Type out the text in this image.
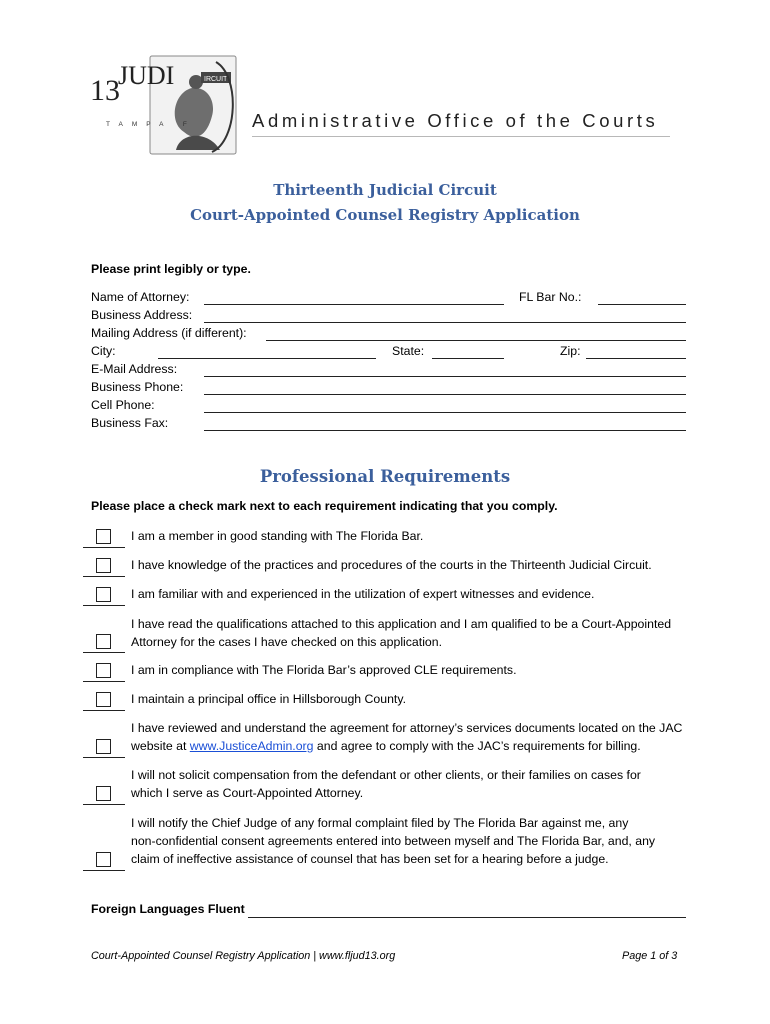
13
JUDI	IRCUIT
TAMPA F	Administrative Office of the Courts
Thirteenth Judicial Circuit
Court-Appointed Counsel Registry Application
Please print legibly or type.
Name of Attorney:	FL Bar No.:
Business Address:
Mailing Address (if different):
City:	State:	Zip:
E-Mail Address:
Business Phone:
Cell Phone:
Business Fax:
Professional Requirements
Please place a check mark next to each requirement indicating that you comply.
I am a member in good standing with The Florida Bar.
I have knowledge of the practices and procedures of the courts in the Thirteenth Judicial Circuit.
I am familiar with and experienced in the utilization of expert witnesses and evidence.
I have read the qualifications attached to this application and I am qualified to be a Court-Appointed
Attorney for the cases I have checked on this application.
I am in compliance with The Florida Bar’s approved CLE requirements.
I maintain a principal office in Hillsborough County.
I have reviewed and understand the agreement for attorney’s services documents located on the JAC
website at www.JusticeAdmin.org and agree to comply with the JAC’s requirements for billing.
I will not solicit compensation from the defendant or other clients, or their families on cases for
which I serve as Court-Appointed Attorney.
I will notify the Chief Judge of any formal complaint filed by The Florida Bar against me, any
non-confidential consent agreements entered into between myself and The Florida Bar, and, any
claim of ineffective assistance of counsel that has been set for a hearing before a judge.
Foreign Languages Fluent
Court-Appointed Counsel Registry Application | www.fljud13.org	Page 1 of 3
